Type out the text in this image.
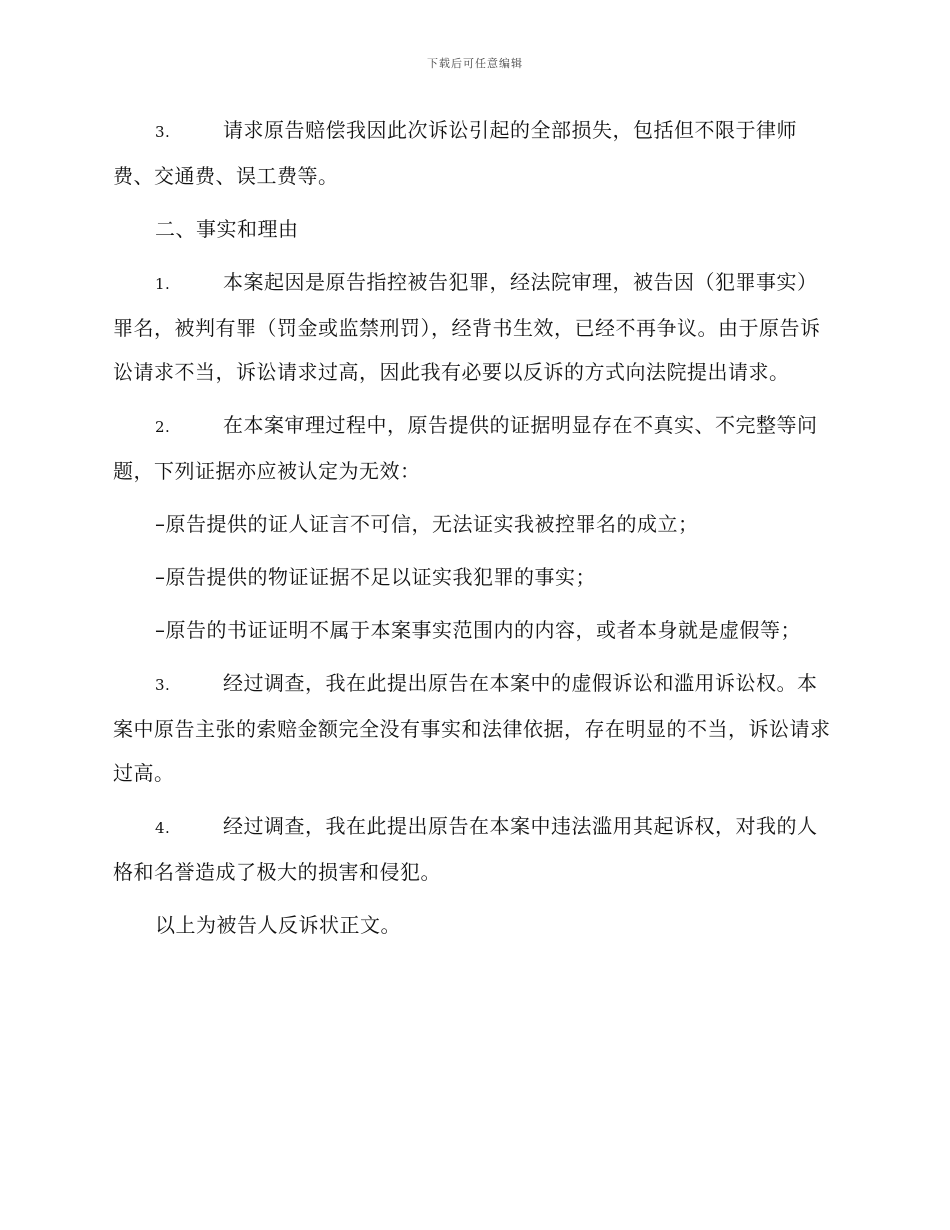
下载后可任意编辑

3.	请求原告赔偿我因此次诉讼引起的全部损失，包括但不限于律师费、交通费、误工费等。

二、事实和理由

1.	本案起因是原告指控被告犯罪，经法院审理，被告因（犯罪事实）罪名，被判有罪（罚金或监禁刑罚），经背书生效，已经不再争议。由于原告诉讼请求不当，诉讼请求过高，因此我有必要以反诉的方式向法院提出请求。

2.	在本案审理过程中，原告提供的证据明显存在不真实、不完整等问题，下列证据亦应被认定为无效：

–原告提供的证人证言不可信，无法证实我被控罪名的成立；

–原告提供的物证证据不足以证实我犯罪的事实；

–原告的书证证明不属于本案事实范围内的内容，或者本身就是虚假等；

3.	经过调查，我在此提出原告在本案中的虚假诉讼和滥用诉讼权。本案中原告主张的索赔金额完全没有事实和法律依据，存在明显的不当，诉讼请求过高。

4.	经过调查，我在此提出原告在本案中违法滥用其起诉权，对我的人格和名誉造成了极大的损害和侵犯。

以上为被告人反诉状正文。
